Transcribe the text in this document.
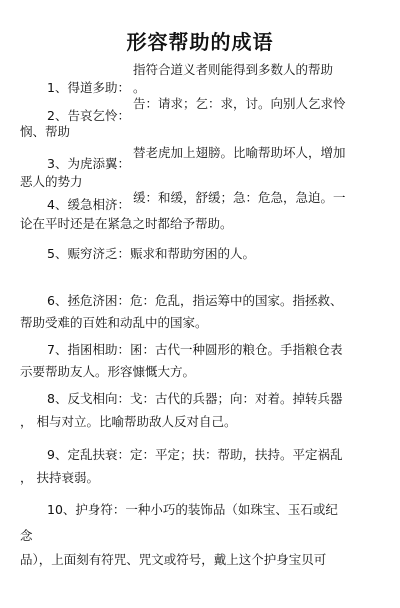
形容帮助的成语
1、得道多助：
指符合道义者则能得到多数人的帮助
。
2、告哀乞怜：
告：请求；乞：求，讨。向别人乞求怜
悯、帮助
3、为虎添翼：
替老虎加上翅膀。比喻帮助坏人，增加
恶人的势力
4、缓急相济： 缓：和缓，舒缓；急：危急，急迫。一
论在平时还是在紧急之时都给予帮助。
5、赈穷济乏：赈求和帮助穷困的人。
6、拯危济困：危：危乱，指运筹中的国家。指拯救、
帮助受难的百姓和动乱中的国家。
7、指囷相助：囷：古代一种圆形的粮仓。手指粮仓表
示要帮助友人。形容慷慨大方。
8、反戈相向：戈：古代的兵器；向：对着。掉转兵器
， 相与对立。比喻帮助敌人反对自己。
9、定乱扶衰：定：平定；扶：帮助，扶持。平定祸乱
， 扶持衰弱。
10、护身符：一种小巧的装饰品（如珠宝、玉石或纪
念
品），上面刻有符咒、咒文或符号，戴上这个护身宝贝可
